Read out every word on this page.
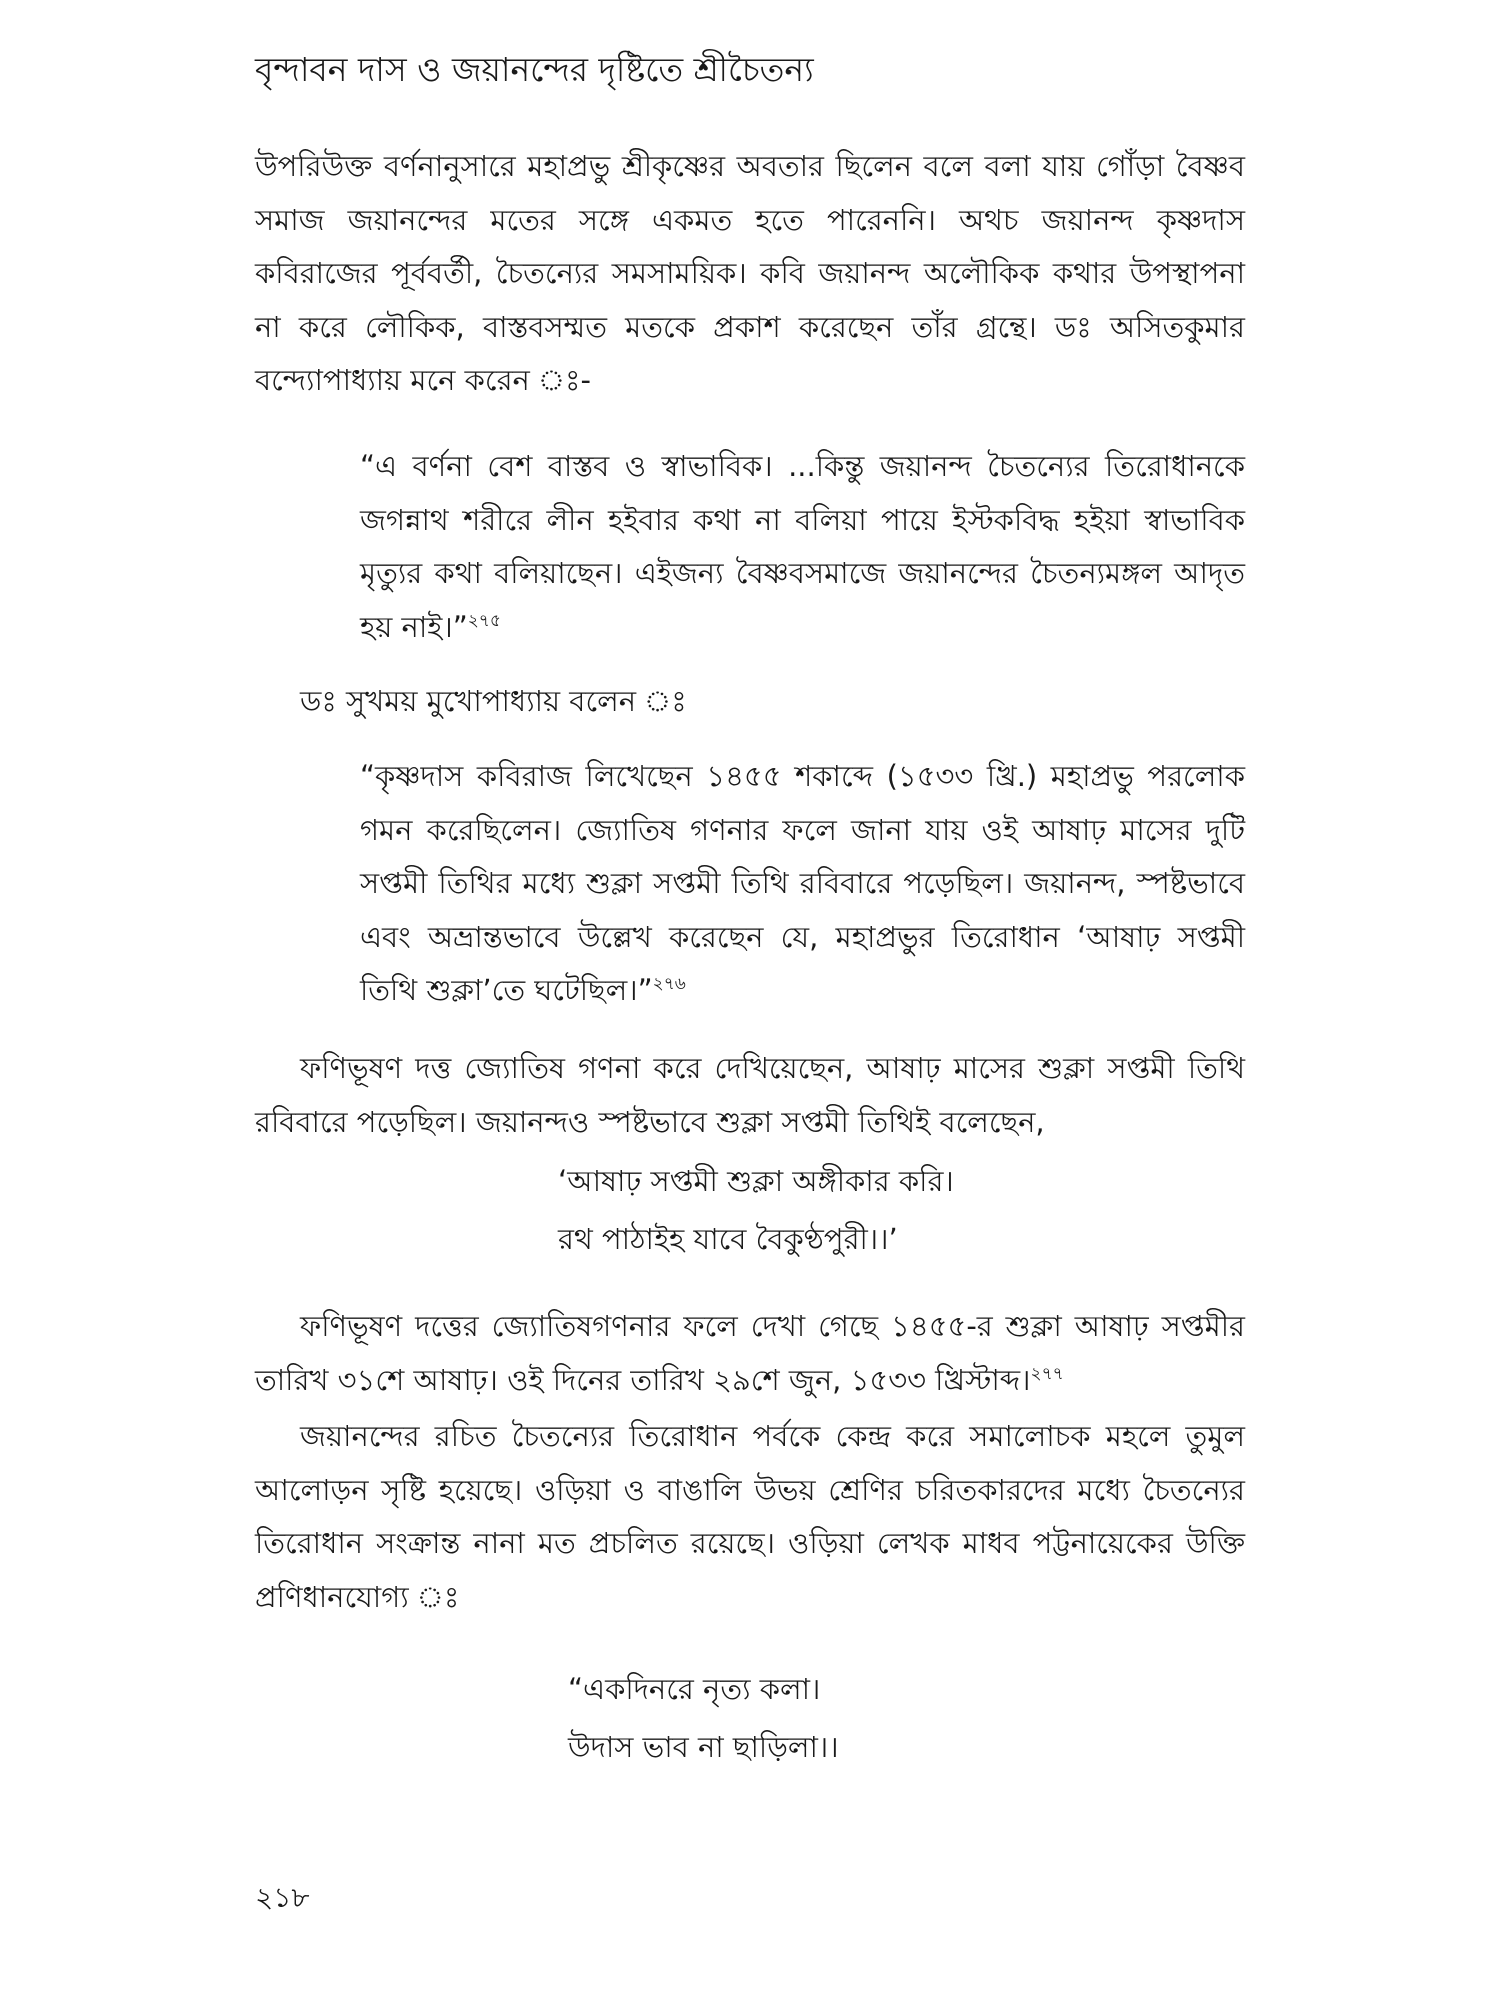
বৃন্দাবন দাস ও জয়ানন্দের দৃষ্টিতে শ্রীচৈতন্য

উপরিউক্ত বর্ণনানুসারে মহাপ্রভু শ্রীকৃষ্ণের অবতার ছিলেন বলে বলা যায় গোঁড়া বৈষ্ণব সমাজ জয়ানন্দের মতের সঙ্গে একমত হতে পারেননি। অথচ জয়ানন্দ কৃষ্ণদাস কবিরাজের পূর্ববর্তী, চৈতন্যের সমসাময়িক। কবি জয়ানন্দ অলৌকিক কথার উপস্থাপনা না করে লৌকিক, বাস্তবসম্মত মতকে প্রকাশ করেছেন তাঁর গ্রন্থে। ডঃ অসিতকুমার বন্দ্যোপাধ্যায় মনে করেন ঃ-

“এ বর্ণনা বেশ বাস্তব ও স্বাভাবিক। ...কিন্তু জয়ানন্দ চৈতন্যের তিরোধানকে জগন্নাথ শরীরে লীন হইবার কথা না বলিয়া পায়ে ইস্টকবিদ্ধ হইয়া স্বাভাবিক মৃত্যুর কথা বলিয়াছেন। এইজন্য বৈষ্ণবসমাজে জয়ানন্দের চৈতন্যমঙ্গল আদৃত হয় নাই।”$^{২৭৫}$

ডঃ সুখময় মুখোপাধ্যায় বলেন ঃ

“কৃষ্ণদাস কবিরাজ লিখেছেন ১৪৫৫ শকাব্দে (১৫৩৩ খ্রি.) মহাপ্রভু পরলোক গমন করেছিলেন। জ্যোতিষ গণনার ফলে জানা যায় ওই আষাঢ় মাসের দুটি সপ্তমী তিথির মধ্যে শুক্লা সপ্তমী তিথি রবিবারে পড়েছিল। জয়ানন্দ, স্পষ্টভাবে এবং অভ্রান্তভাবে উল্লেখ করেছেন যে, মহাপ্রভুর তিরোধান ‘আষাঢ় সপ্তমী তিথি শুক্লা’তে ঘটেছিল।”$^{২৭৬}$

ফণিভূষণ দত্ত জ্যোতিষ গণনা করে দেখিয়েছেন, আষাঢ় মাসের শুক্লা সপ্তমী তিথি রবিবারে পড়েছিল। জয়ানন্দও স্পষ্টভাবে শুক্লা সপ্তমী তিথিই বলেছেন,

‘আষাঢ় সপ্তমী শুক্লা অঙ্গীকার করি।
রথ পাঠাইহ যাবে বৈকুণ্ঠপুরী।।’

ফণিভূষণ দত্তের জ্যোতিষগণনার ফলে দেখা গেছে ১৪৫৫-র শুক্লা আষাঢ় সপ্তমীর তারিখ ৩১শে আষাঢ়। ওই দিনের তারিখ ২৯শে জুন, ১৫৩৩ খ্রিস্টাব্দ।$^{২৭৭}$

জয়ানন্দের রচিত চৈতন্যের তিরোধান পর্বকে কেন্দ্র করে সমালোচক মহলে তুমুল আলোড়ন সৃষ্টি হয়েছে। ওড়িয়া ও বাঙালি উভয় শ্রেণির চরিতকারদের মধ্যে চৈতন্যের তিরোধান সংক্রান্ত নানা মত প্রচলিত রয়েছে। ওড়িয়া লেখক মাধব পট্টনায়েকের উক্তি প্রণিধানযোগ্য ঃ

“একদিনরে নৃত্য কলা।
উদাস ভাব না ছাড়িলা।।
২১৮
